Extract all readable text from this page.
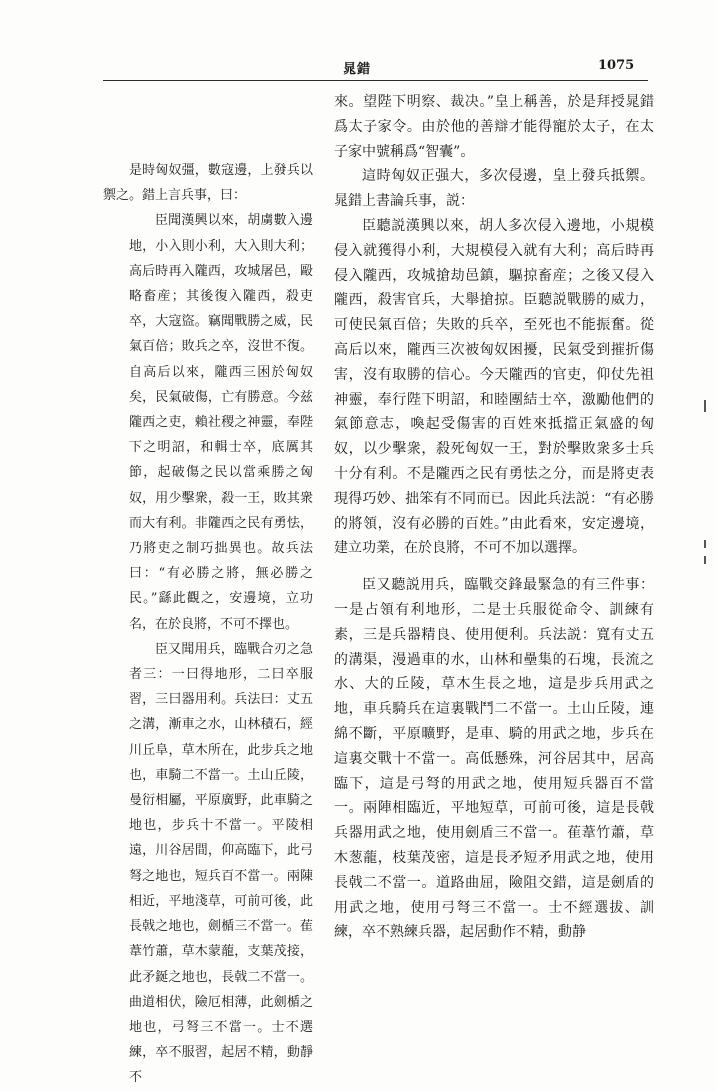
晁錯	1075

是時匈奴彊，數寇邊，上發兵以禦之。錯上言兵事，曰：

臣聞漢興以來，胡虜數入邊地，小入則小利，大入則大利；高后時再入隴西，攻城屠邑，毆略畜産；其後復入隴西，殺吏卒，大寇盜。竊聞戰勝之威，民氣百倍；敗兵之卒，沒世不復。自高后以來，隴西三困於匈奴矣，民氣破傷，亡有勝意。今兹隴西之吏，賴社稷之神靈，奉陛下之明詔，和輯士卒，底厲其節，起破傷之民以當乘勝之匈奴，用少擊衆，殺一王，敗其衆而大有利。非隴西之民有勇怯，乃將吏之制巧拙異也。故兵法曰：“有必勝之將，無必勝之民。”繇此觀之，安邊境，立功名，在於良將，不可不擇也。

臣又聞用兵，臨戰合刃之急者三：一曰得地形，二曰卒服習，三曰器用利。兵法曰：丈五之溝，漸車之水，山林積石，經川丘阜，草木所在，此步兵之地也，車騎二不當一。土山丘陵，曼衍相屬，平原廣野，此車騎之地也，步兵十不當一。平陵相遠，川谷居間，仰高臨下，此弓弩之地也，短兵百不當一。兩陳相近，平地淺草，可前可後，此長戟之地也，劍楯三不當一。萑葦竹蕭，草木蒙蘢，支葉茂接，此矛鋋之地也，長戟二不當一。曲道相伏，險厄相薄，此劍楯之地也，弓弩三不當一。士不選練，卒不服習，起居不精，動靜不

來。望陛下明察、裁决。”皇上稱善，於是拜授晁錯爲太子家令。由於他的善辯才能得寵於太子，在太子家中號稱爲“智囊”。

這時匈奴正强大，多次侵邊，皇上發兵抵禦。晁錯上書論兵事，説：

臣聽説漢興以來，胡人多次侵入邊地，小規模侵入就獲得小利，大規模侵入就有大利；高后時再侵入隴西，攻城搶劫邑鎮，驅掠畜産；之後又侵入隴西，殺害官兵，大舉搶掠。臣聽説戰勝的威力，可使民氣百倍；失敗的兵卒，至死也不能振奮。從高后以來，隴西三次被匈奴困擾，民氣受到摧折傷害，沒有取勝的信心。今天隴西的官吏，仰仗先祖神靈，奉行陛下明詔，和睦團結士卒，激勵他們的氣節意志，喚起受傷害的百姓來抵擋正氣盛的匈奴，以少擊衆，殺死匈奴一王，對於擊敗衆多士兵十分有利。不是隴西之民有勇怯之分，而是將吏表現得巧妙、拙笨有不同而已。因此兵法説：“有必勝的將領，沒有必勝的百姓。”由此看來，安定邊境，建立功業，在於良將，不可不加以選擇。

臣又聽説用兵，臨戰交鋒最緊急的有三件事：一是占領有利地形，二是士兵服從命令、訓練有素，三是兵器精良、使用便利。兵法説：寬有丈五的溝渠，漫過車的水，山林和壘集的石塊，長流之水、大的丘陵，草木生長之地，這是步兵用武之地，車兵騎兵在這裏戰鬥二不當一。土山丘陵，連綿不斷，平原曠野，是車、騎的用武之地，步兵在這裏交戰十不當一。高低懸殊，河谷居其中，居高臨下，這是弓弩的用武之地，使用短兵器百不當一。兩陣相臨近，平地短草，可前可後，這是長戟兵器用武之地，使用劍盾三不當一。萑葦竹蕭，草木葱蘢，枝葉茂密，這是長矛短矛用武之地，使用長戟二不當一。道路曲屈，險阻交錯，這是劍盾的用武之地，使用弓弩三不當一。士不經選拔、訓練，卒不熟練兵器，起居動作不精，動静
